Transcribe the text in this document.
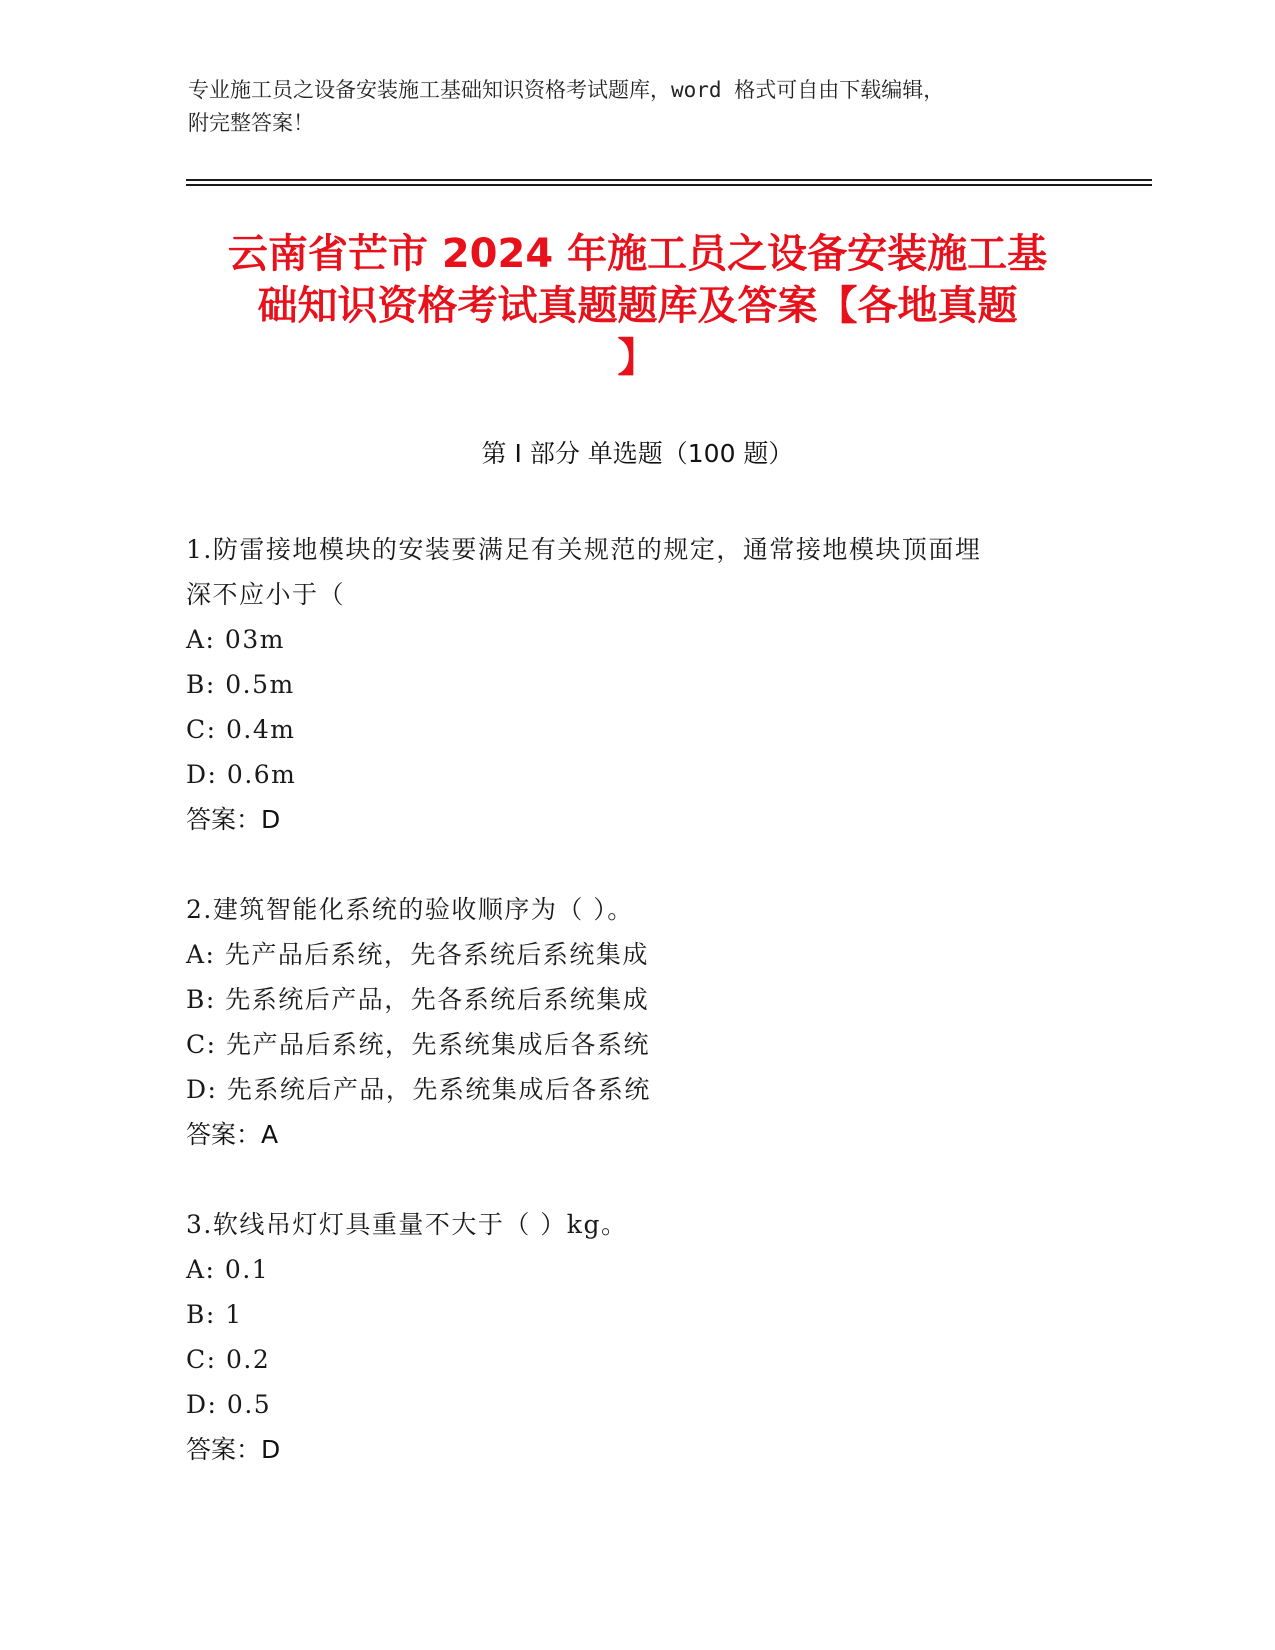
专业施工员之设备安装施工基础知识资格考试题库，word 格式可自由下载编辑，
附完整答案！
云南省芒市 2024 年施工员之设备安装施工基
础知识资格考试真题题库及答案【各地真题
】
第 I 部分 单选题（100 题）
1.防雷接地模块的安装要满足有关规范的规定，通常接地模块顶面埋
深不应小于（
A: 03m
B: 0.5m
C: 0.4m
D: 0.6m
答案：D
2.建筑智能化系统的验收顺序为（ ）。
A: 先产品后系统，先各系统后系统集成
B: 先系统后产品，先各系统后系统集成
C: 先产品后系统，先系统集成后各系统
D: 先系统后产品，先系统集成后各系统
答案：A
3.软线吊灯灯具重量不大于（ ）kg。
A: 0.1
B: 1
C: 0.2
D: 0.5
答案：D
